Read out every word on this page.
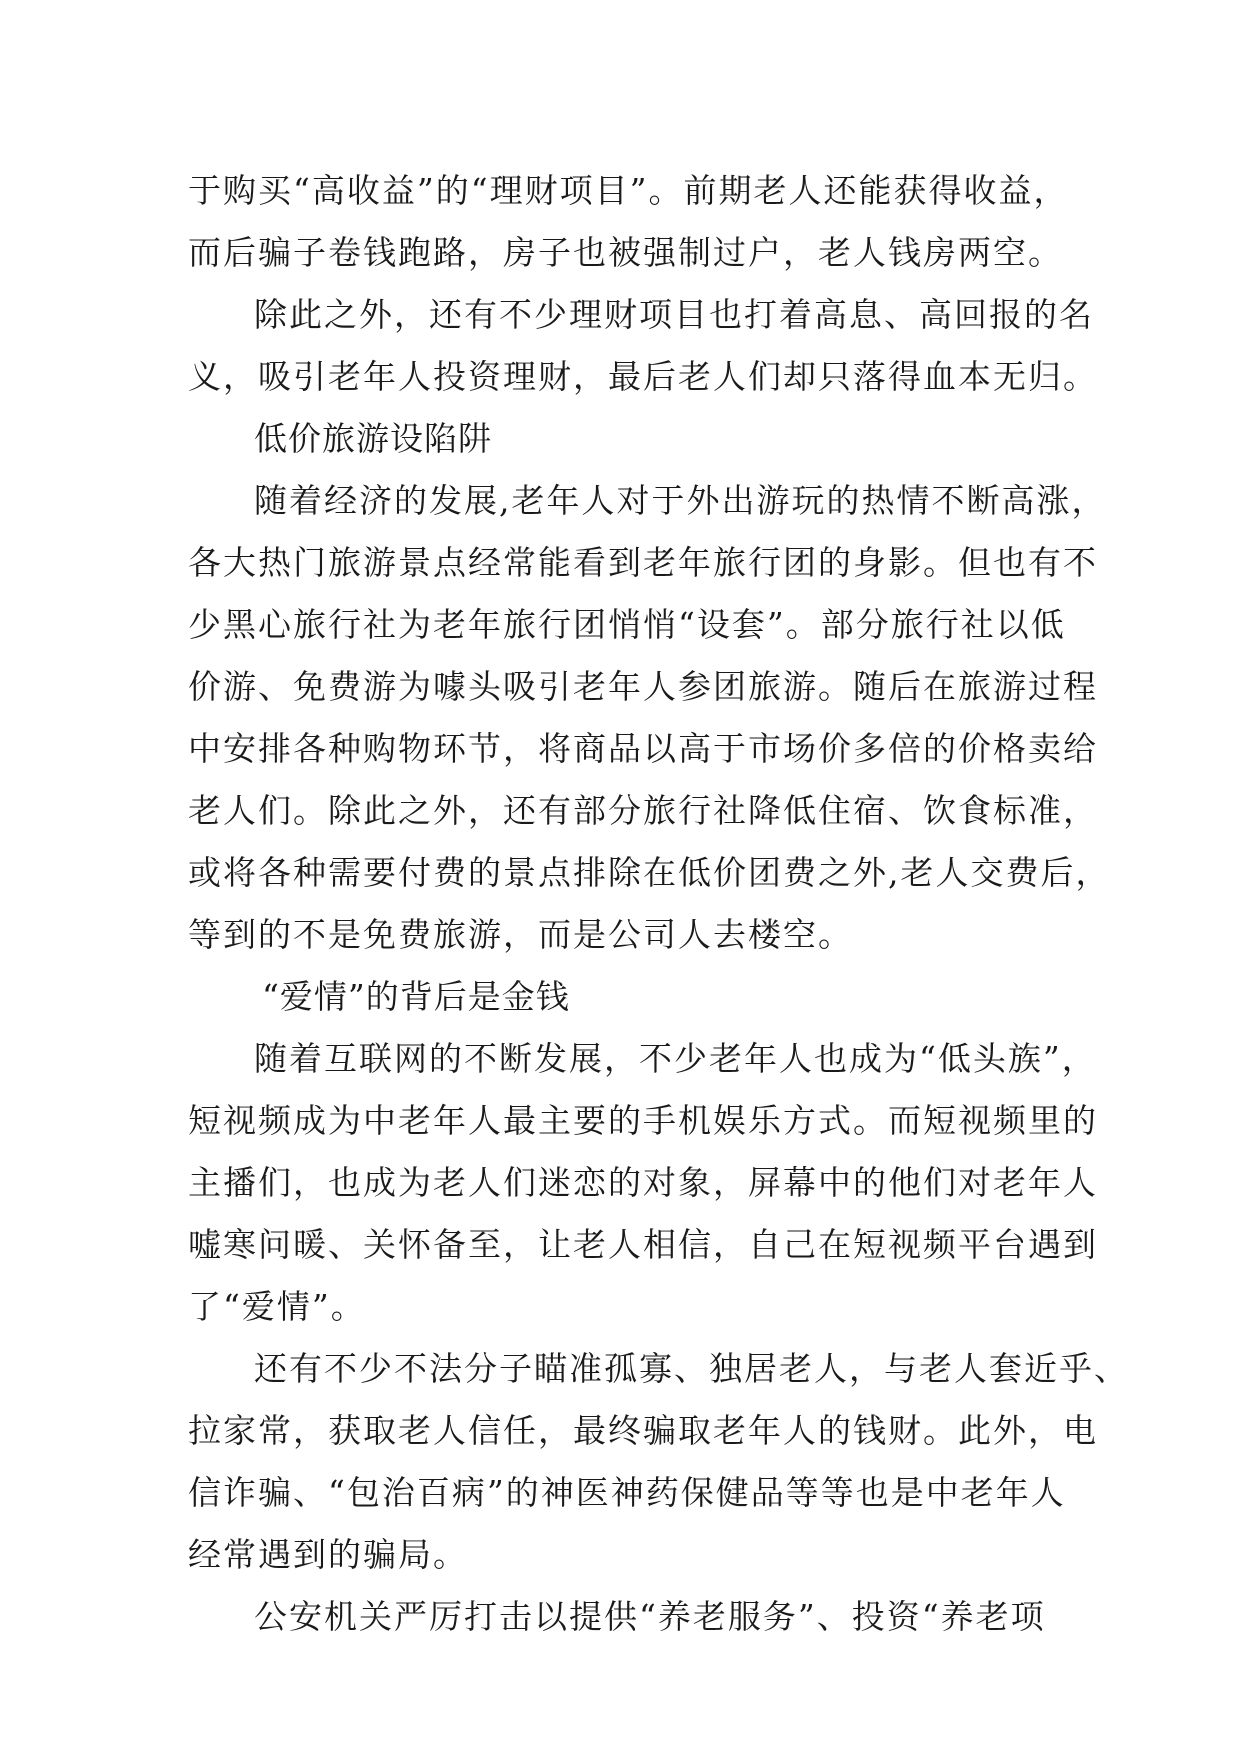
于购买“高收益”的“理财项目”。前期老人还能获得收益，

而后骗子卷钱跑路，房子也被强制过户，老人钱房两空。

除此之外，还有不少理财项目也打着高息、高回报的名

义，吸引老年人投资理财，最后老人们却只落得血本无归。

低价旅游设陷阱

随着经济的发展,老年人对于外出游玩的热情不断高涨，

各大热门旅游景点经常能看到老年旅行团的身影。但也有不

少黑心旅行社为老年旅行团悄悄“设套”。部分旅行社以低

价游、免费游为噱头吸引老年人参团旅游。随后在旅游过程

中安排各种购物环节，将商品以高于市场价多倍的价格卖给

老人们。除此之外，还有部分旅行社降低住宿、饮食标准，

或将各种需要付费的景点排除在低价团费之外,老人交费后，

等到的不是免费旅游，而是公司人去楼空。

“爱情”的背后是金钱

随着互联网的不断发展，不少老年人也成为“低头族”，

短视频成为中老年人最主要的手机娱乐方式。而短视频里的

主播们，也成为老人们迷恋的对象，屏幕中的他们对老年人

嘘寒问暖、关怀备至，让老人相信，自己在短视频平台遇到

了“爱情”。

还有不少不法分子瞄准孤寡、独居老人，与老人套近乎、

拉家常，获取老人信任，最终骗取老年人的钱财。此外，电

信诈骗、“包治百病”的神医神药保健品等等也是中老年人

经常遇到的骗局。

公安机关严厉打击以提供“养老服务”、投资“养老项
